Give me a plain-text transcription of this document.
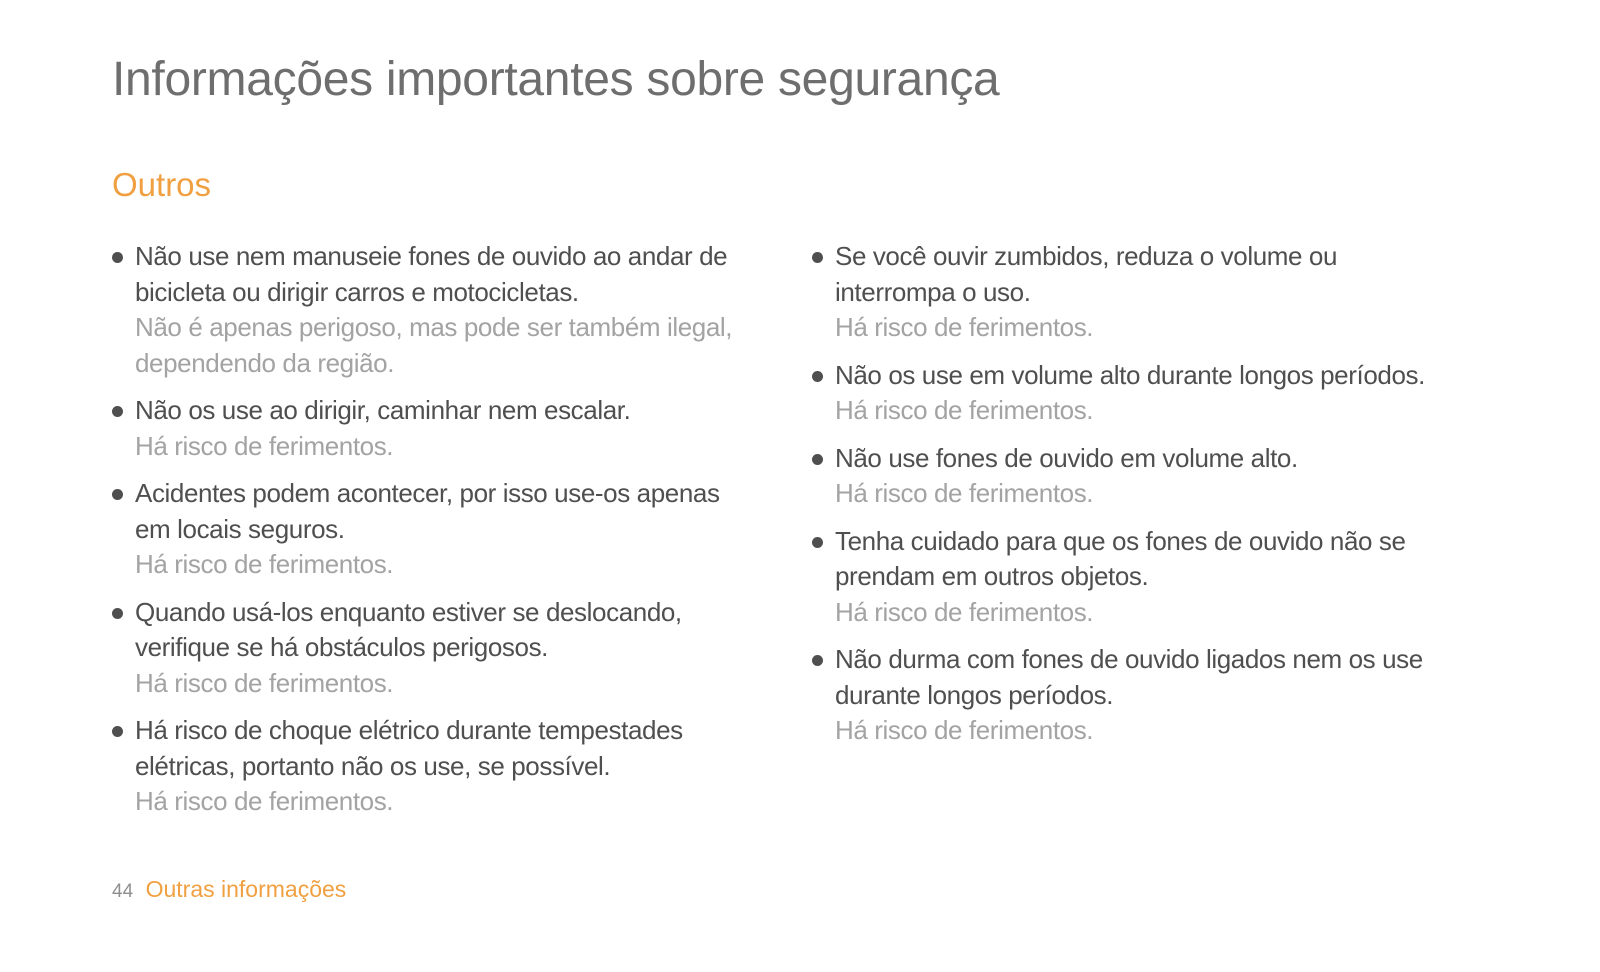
Informações importantes sobre segurança
Outros
Não use nem manuseie fones de ouvido ao andar de
bicicleta ou dirigir carros e motocicletas.
Não é apenas perigoso, mas pode ser também ilegal,
dependendo da região.
Não os use ao dirigir, caminhar nem escalar.
Há risco de ferimentos.
Acidentes podem acontecer, por isso use-os apenas
em locais seguros.
Há risco de ferimentos.
Quando usá-los enquanto estiver se deslocando,
verifique se há obstáculos perigosos.
Há risco de ferimentos.
Há risco de choque elétrico durante tempestades
elétricas, portanto não os use, se possível.
Há risco de ferimentos.
Se você ouvir zumbidos, reduza o volume ou
interrompa o uso.
Há risco de ferimentos.
Não os use em volume alto durante longos períodos.
Há risco de ferimentos.
Não use fones de ouvido em volume alto.
Há risco de ferimentos.
Tenha cuidado para que os fones de ouvido não se
prendam em outros objetos.
Há risco de ferimentos.
Não durma com fones de ouvido ligados nem os use
durante longos períodos.
Há risco de ferimentos.
44 Outras informações
